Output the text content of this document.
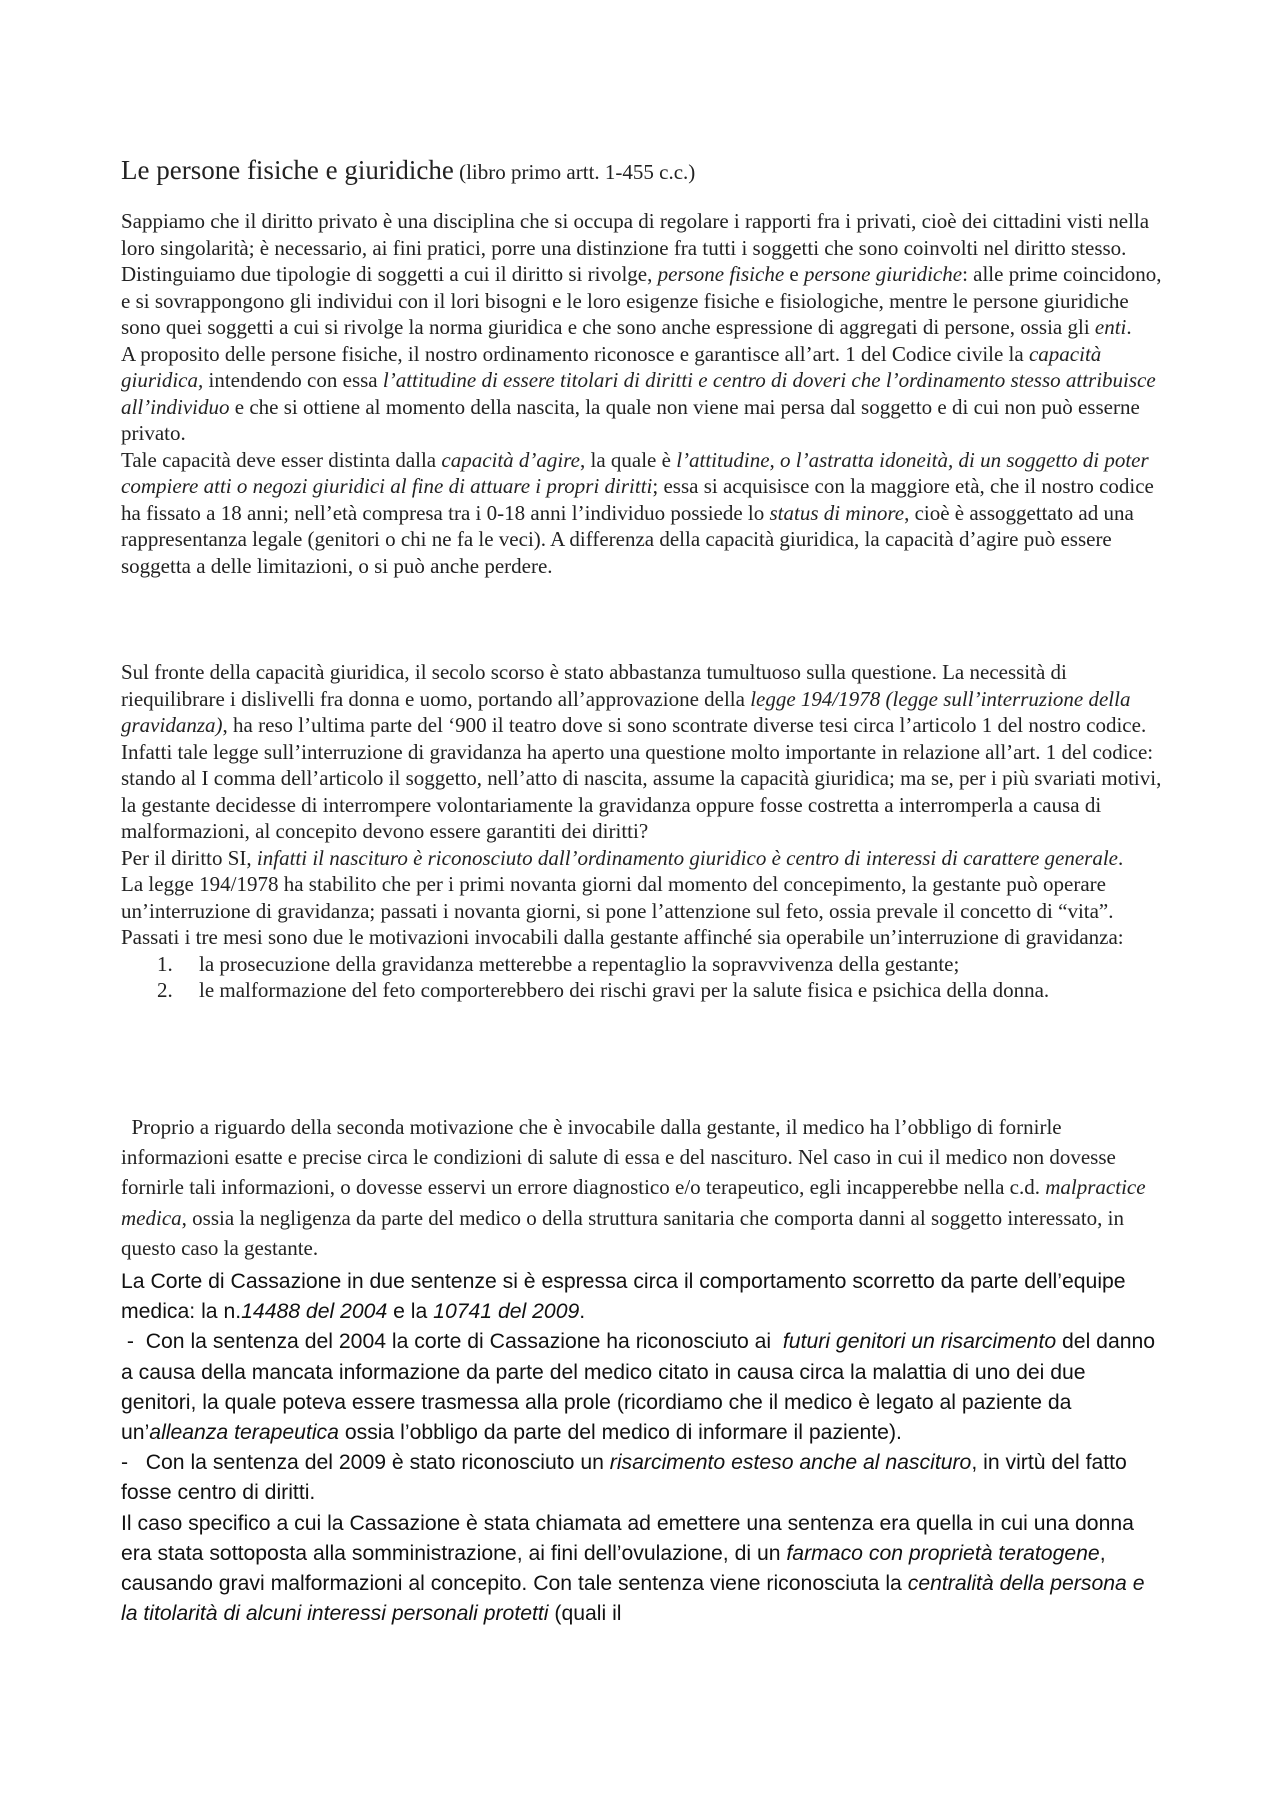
Le persone fisiche e giuridiche (libro primo artt. 1-455 c.c.)

Sappiamo che il diritto privato è una disciplina che si occupa di regolare i rapporti fra i privati, cioè dei cittadini visti nella loro singolarità; è necessario, ai fini pratici, porre una distinzione fra tutti i soggetti che sono coinvolti nel diritto stesso. Distinguiamo due tipologie di soggetti a cui il diritto si rivolge, persone fisiche e persone giuridiche: alle prime coincidono, e si sovrappongono gli individui con il lori bisogni e le loro esigenze fisiche e fisiologiche, mentre le persone giuridiche sono quei soggetti a cui si rivolge la norma giuridica e che sono anche espressione di aggregati di persone, ossia gli enti.

A proposito delle persone fisiche, il nostro ordinamento riconosce e garantisce all’art. 1 del Codice civile la capacità giuridica, intendendo con essa l’attitudine di essere titolari di diritti e centro di doveri che l’ordinamento stesso attribuisce all’individuo e che si ottiene al momento della nascita, la quale non viene mai persa dal soggetto e di cui non può esserne privato.

Tale capacità deve esser distinta dalla capacità d’agire, la quale è l’attitudine, o l’astratta idoneità, di un soggetto di poter compiere atti o negozi giuridici al fine di attuare i propri diritti; essa si acquisisce con la maggiore età, che il nostro codice ha fissato a 18 anni; nell’età compresa tra i 0-18 anni l’individuo possiede lo status di minore, cioè è assoggettato ad una rappresentanza legale (genitori o chi ne fa le veci). A differenza della capacità giuridica, la capacità d’agire può essere soggetta a delle limitazioni, o si può anche perdere.

Sul fronte della capacità giuridica, il secolo scorso è stato abbastanza tumultuoso sulla questione. La necessità di riequilibrare i dislivelli fra donna e uomo, portando all’approvazione della legge 194/1978 (legge sull’interruzione della gravidanza), ha reso l’ultima parte del ‘900 il teatro dove si sono scontrate diverse tesi circa l’articolo 1 del nostro codice. Infatti tale legge sull’interruzione di gravidanza ha aperto una questione molto importante in relazione all’art. 1 del codice: stando al I comma dell’articolo il soggetto, nell’atto di nascita, assume la capacità giuridica; ma se, per i più svariati motivi, la gestante decidesse di interrompere volontariamente la gravidanza oppure fosse costretta a interromperla a causa di malformazioni, al concepito devono essere garantiti dei diritti?

Per il diritto SI, infatti il nascituro è riconosciuto dall’ordinamento giuridico è centro di interessi di carattere generale.

La legge 194/1978 ha stabilito che per i primi novanta giorni dal momento del concepimento, la gestante può operare un’interruzione di gravidanza; passati i novanta giorni, si pone l’attenzione sul feto, ossia prevale il concetto di “vita”. Passati i tre mesi sono due le motivazioni invocabili dalla gestante affinché sia operabile un’interruzione di gravidanza:

1. la prosecuzione della gravidanza metterebbe a repentaglio la sopravvivenza della gestante;
2. le malformazione del feto comporterebbero dei rischi gravi per la salute fisica e psichica della donna.

Proprio a riguardo della seconda motivazione che è invocabile dalla gestante, il medico ha l’obbligo di fornirle informazioni esatte e precise circa le condizioni di salute di essa e del nascituro. Nel caso in cui il medico non dovesse fornirle tali informazioni, o dovesse esservi un errore diagnostico e/o terapeutico, egli incapperebbe nella c.d. malpractice medica, ossia la negligenza da parte del medico o della struttura sanitaria che comporta danni al soggetto interessato, in questo caso la gestante.

La Corte di Cassazione in due sentenze si è espressa circa il comportamento scorretto da parte dell’equipe medica: la n.14488 del 2004 e la 10741 del 2009.

-  Con la sentenza del 2004 la corte di Cassazione ha riconosciuto ai  futuri genitori un risarcimento del danno a causa della mancata informazione da parte del medico citato in causa circa la malattia di uno dei due genitori, la quale poteva essere trasmessa alla prole (ricordiamo che il medico è legato al paziente da un’alleanza terapeutica ossia l’obbligo da parte del medico di informare il paziente).

-   Con la sentenza del 2009 è stato riconosciuto un risarcimento esteso anche al nascituro, in virtù del fatto fosse centro di diritti.

Il caso specifico a cui la Cassazione è stata chiamata ad emettere una sentenza era quella in cui una donna era stata sottoposta alla somministrazione, ai fini dell’ovulazione, di un farmaco con proprietà teratogene, causando gravi malformazioni al concepito. Con tale sentenza viene riconosciuta la centralità della persona e la titolarità di alcuni interessi personali protetti (quali il
